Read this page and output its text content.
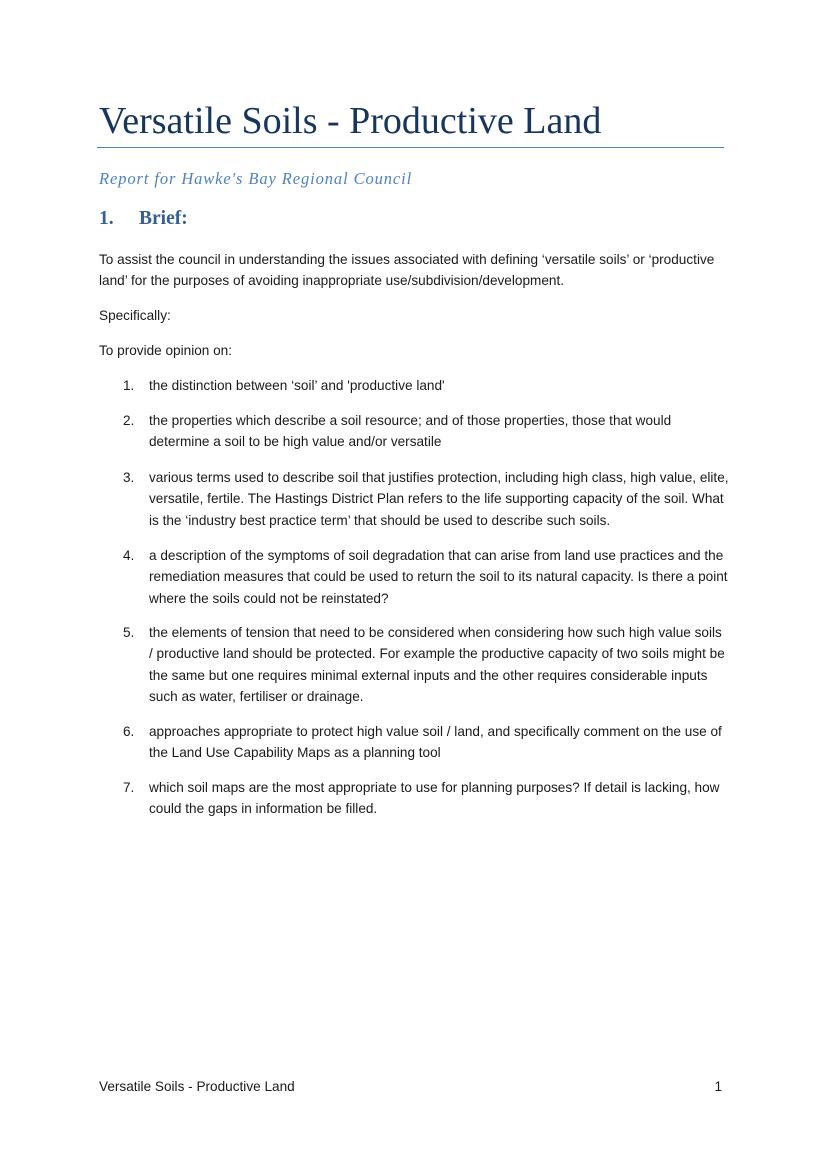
Versatile Soils - Productive Land

Report for Hawke's Bay Regional Council

1. Brief:

To assist the council in understanding the issues associated with defining ‘versatile soils’ or ‘productive land’ for the purposes of avoiding inappropriate use/subdivision/development.

Specifically:

To provide opinion on:

1.	the distinction between ‘soil’ and 'productive land'
2.	the properties which describe a soil resource; and of those properties, those that would determine a soil to be high value and/or versatile
3.	various terms used to describe soil that justifies protection, including high class, high value, elite, versatile, fertile. The Hastings District Plan refers to the life supporting capacity of the soil. What is the ‘industry best practice term’ that should be used to describe such soils.
4.	a description of the symptoms of soil degradation that can arise from land use practices and the remediation measures that could be used to return the soil to its natural capacity. Is there a point where the soils could not be reinstated?
5.	the elements of tension that need to be considered when considering how such high value soils / productive land should be protected. For example the productive capacity of two soils might be the same but one requires minimal external inputs and the other requires considerable inputs such as water, fertiliser or drainage.
6.	approaches appropriate to protect high value soil / land, and specifically comment on the use of the Land Use Capability Maps as a planning tool
7.	which soil maps are the most appropriate to use for planning purposes? If detail is lacking, how could the gaps in information be filled.

Versatile Soils - Productive Land	1
